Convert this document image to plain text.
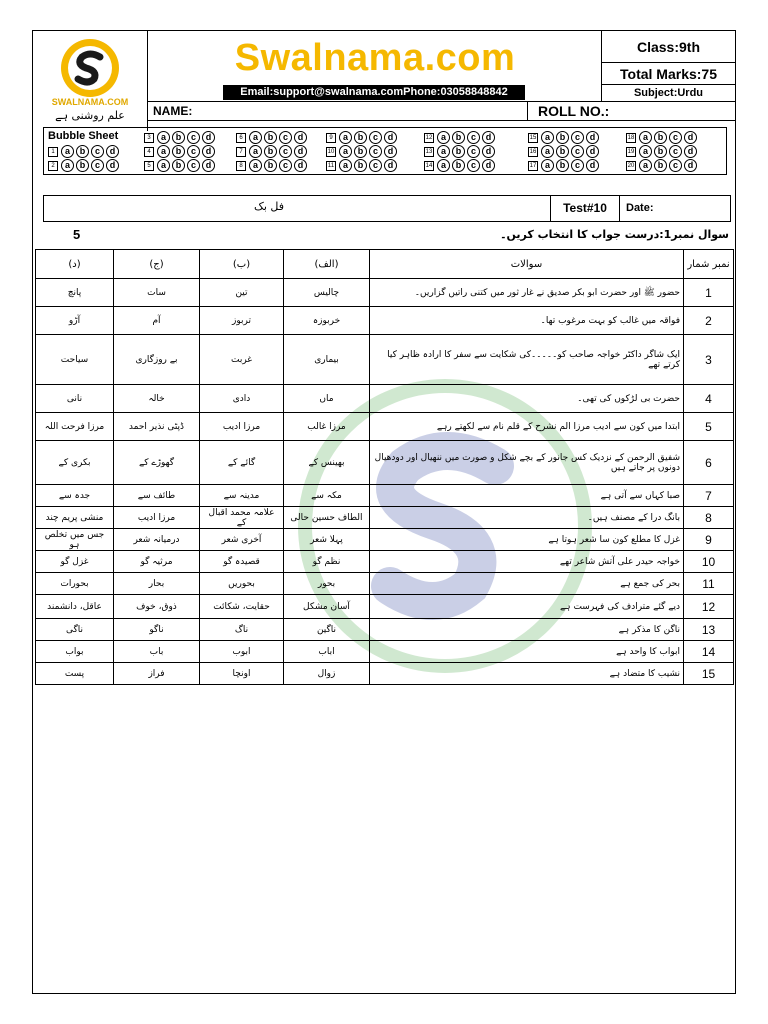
SWALNAMA.COM
علم روشنی ہے
Swalnama.com
Email:support@swalnama.comPhone:03058848842
Class:9th
Total Marks:75
Subject:Urdu
NAME:	ROLL NO.:
Bubble Sheet
1	a	b	c	d
2	a	b	c	d
3	a	b	c	d
4	a	b	c	d
5	a	b	c	d
6	a	b	c	d
7	a	b	c	d
8	a	b	c	d
9	a	b	c	d
10 a	b	c	d
11 a	b	c	d
12 a	b	c	d
13 a	b	c	d
14 a	b	c	d
15 a	b	c	d
16 a	b	c	d
17 a	b	c	d
18 a	b	c	d
19 a	b	c	d
20 a	b	c	d
فل بک	Test#10	Date:
5	سوال نمبر1:درست جواب کا انتخاب کریں۔
(د)	(ج)	(ب)	(الف)	سوالات	نمبر شمار
پانچ	سات	تین	چالیس	حضور ﷺ اور حضرت ابو بکر صدیق نے غار ثور میں کتنی راتیں گزاریں۔	1
آڑو	آم	تربوز	خربوزہ	فواقہ میں غالب کو بہت مرغوب تھا۔	2
سیاحت	بے روزگاری	غربت	بیماری	ایک شاگر داکٹر خواجہ صاحب کو۔۔۔۔۔کی شکایت سے سفر کا ارادہ ظاہر کیا کرتے تھے	3
نانی	خالہ	دادی	ماں	حضرت بی لڑکوں کی تھی۔	4
مرزا فرحت اللہ	ڈپٹی نذیر احمد	مرزا ادیب	مرزا غالب	ابتدا میں کون سے ادیب مرزا الم نشرح کے قلم نام سے لکھتے رہے	5
بکری کے	گھوڑے کے	گائے کے	بھینس کے	شفیق الرحمن کے نزدیک کس جانور کے بچے شکل و صورت میں ننھیال اور دودھیال دونوں پر جاتے ہیں	6
جدہ سے	طائف سے	مدینہ سے	مکہ سے	صبا کہاں سے آتی ہے	7
منشی پریم چند	مرزا ادیب	علامہ محمد اقبال کے	الطاف حسین حالی	بانگ درا کے مصنف ہیں۔	8
جس میں تخلص ہو	درمیانہ شعر	آخری شعر	پہلا شعر	غزل کا مطلع کون سا شعر ہوتا ہے	9
غزل گو	مرثیہ گو	قصیدہ گو	نظم گو	خواجہ حیدر علی آتش شاعر تھے	10
بحورات	بحار	بحوریں	بحور	بحر کی جمع ہے	11
عاقل، دانشمند	ذوق، خوف	حقایت، شکائت	آسان مشکل	دیے گئے مترادف کی فہرست ہے	12
ناگی	ناگو	ناگ	ناگین	ناگن کا مذکر ہے	13
بواب	باب	ابوب	اباب	ابواب کا واحد ہے	14
پست	فراز	اونچا	زوال	نشیب کا متضاد ہے	15
